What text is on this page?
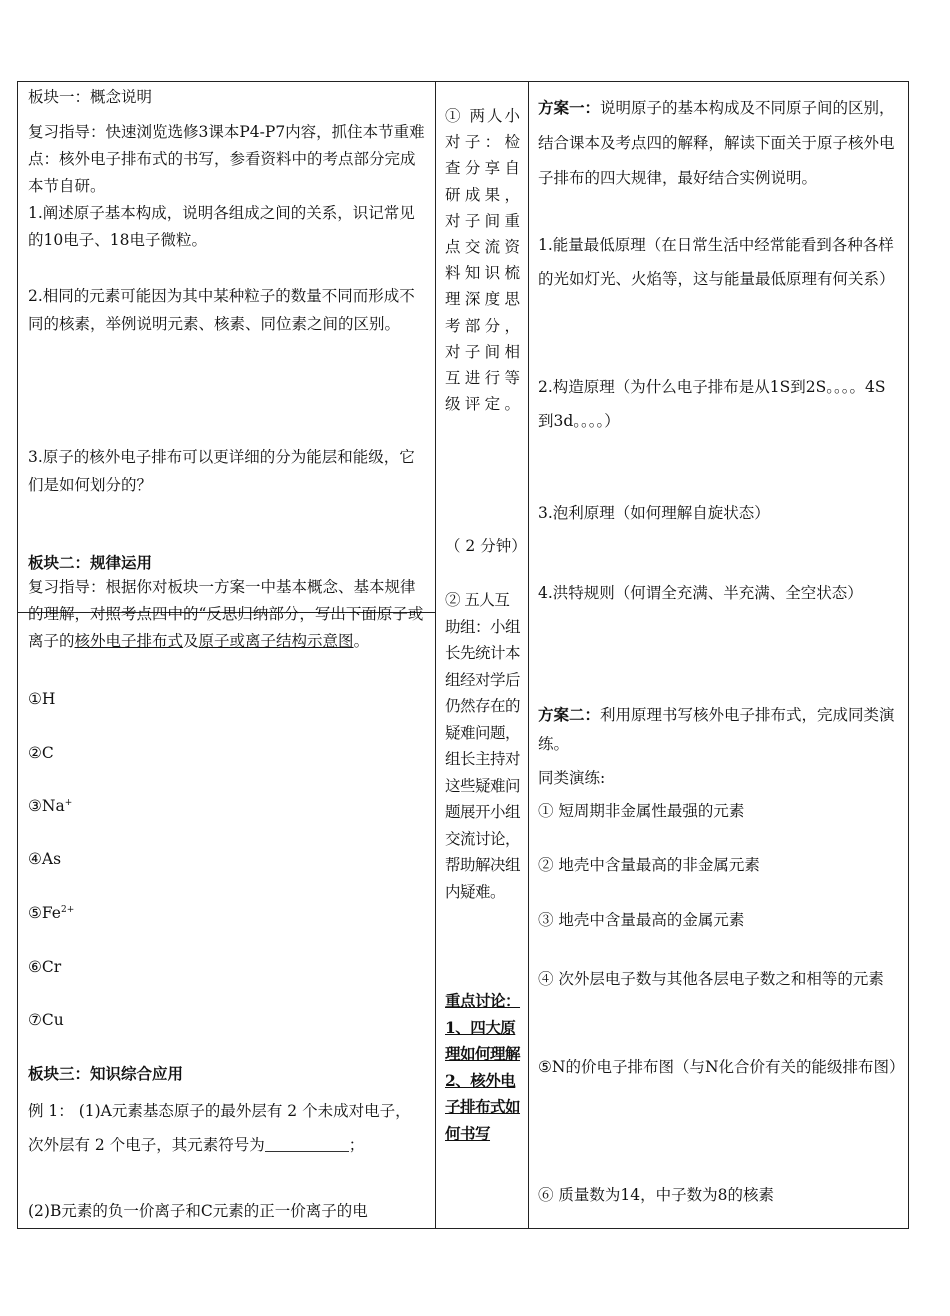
板块一：概念说明
复习指导：快速浏览选修3课本P4-P7内容，抓住本节重难点：核外电子排布式的书写，参看资料中的考点部分完成本节自研。
1.阐述原子基本构成，说明各组成之间的关系，识记常见的10电子、18电子微粒。
2.相同的元素可能因为其中某种粒子的数量不同而形成不同的核素，举例说明元素、核素、同位素之间的区别。
3.原子的核外电子排布可以更详细的分为能层和能级，它们是如何划分的？
板块二：规律运用
复习指导：根据你对板块一方案一中基本概念、基本规律的理解，对照考点四中的“反思归纳部分，写出下面原子或离子的核外电子排布式及原子或离子结构示意图。
①H
②C
③Na+
④As
$⑤Fe^{2+}$
⑥Cr
⑦Cu
板块三：知识综合应用
例 1： (1)A元素基态原子的最外层有 2 个未成对电子，次外层有 2 个电子，其元素符号为	；
(2)B元素的负一价离子和C元素的正一价离子的电
① 两人小对子：检查分享自研成果，对子间重点交流资料知识梳理深度思考部分，对子间相互进行等级评定。
（ 2 分钟）
② 五人互助组：小组长先统计本组经对学后仍然存在的疑难问题，组长主持对这些疑难问题展开小组交流讨论，帮助解决组内疑难。
重点讨论：1、四大原理如何理解2、核外电子排布式如何书写
方案一：说明原子的基本构成及不同原子间的区别，结合课本及考点四的解释，解读下面关于原子核外电子排布的四大规律，最好结合实例说明。
1.能量最低原理（在日常生活中经常能看到各种各样的光如灯光、火焰等，这与能量最低原理有何关系）
2.构造原理（为什么电子排布是从1S到2S。。。。4S到3d。。。。）
3.泡利原理（如何理解自旋状态）
4.洪特规则（何谓全充满、半充满、全空状态）
方案二：利用原理书写核外电子排布式，完成同类演练。
同类演练:
① 短周期非金属性最强的元素
② 地壳中含量最高的非金属元素
③ 地壳中含量最高的金属元素
④ 次外层电子数与其他各层电子数之和相等的元素
⑤N的价电子排布图（与N化合价有关的能级排布图）
⑥ 质量数为14，中子数为8的核素
